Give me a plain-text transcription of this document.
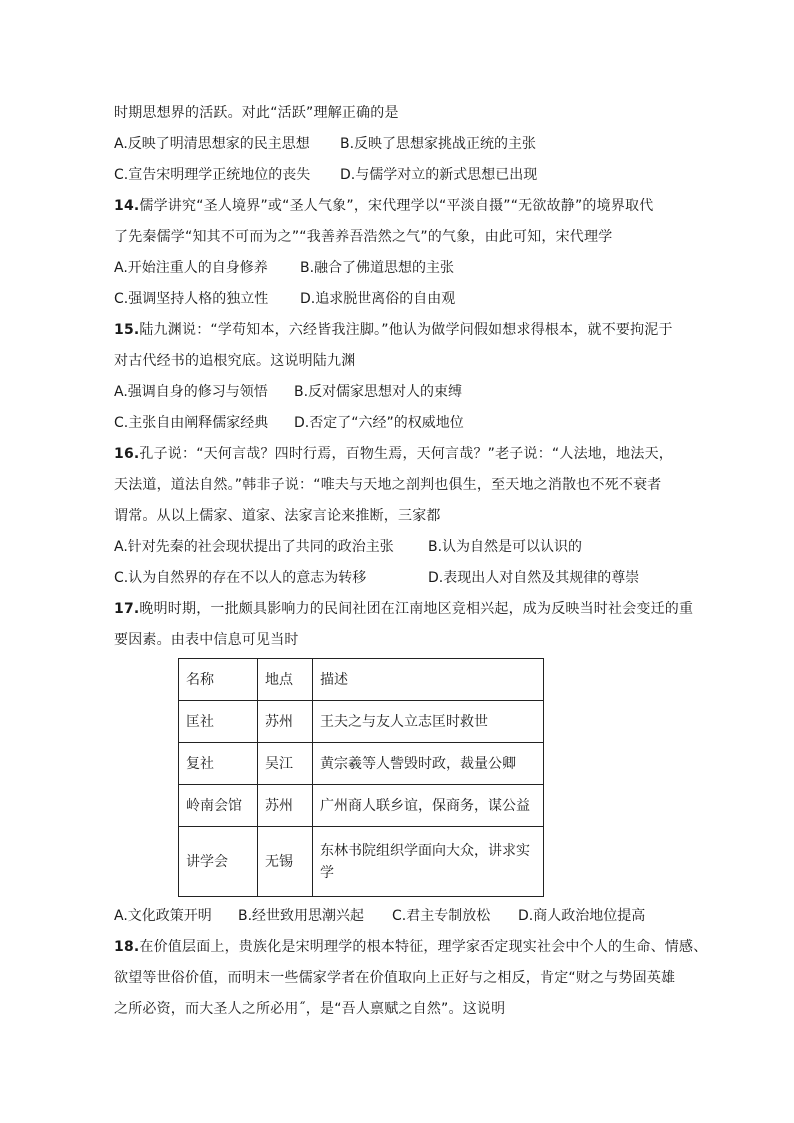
时期思想界的活跃。对此“活跃”理解正确的是
A.反映了明清思想家的民主思想 B.反映了思想家挑战正统的主张
C.宣告宋明理学正统地位的丧失 D.与儒学对立的新式思想已出现
14.儒学讲究“圣人境界”或“圣人气象”，宋代理学以“平淡自摄”“无欲故静”的境界取代
了先秦儒学“知其不可而为之”“我善养吾浩然之气”的气象，由此可知，宋代理学
A.开始注重人的自身修养 B.融合了佛道思想的主张
C.强调坚持人格的独立性 D.追求脱世离俗的自由观
15.陆九渊说：“学苟知本，六经皆我注脚。”他认为做学问假如想求得根本，就不要拘泥于
对古代经书的追根究底。这说明陆九渊
A.强调自身的修习与领悟 B.反对儒家思想对人的束缚
C.主张自由阐释儒家经典 D.否定了“六经”的权威地位
16.孔子说：“天何言哉？四时行焉，百物生焉，天何言哉？”老子说：“人法地，地法天，
天法道，道法自然。”韩非子说：“唯夫与天地之剖判也俱生，至天地之消散也不死不衰者
谓常。从以上儒家、道家、法家言论来推断，三家都
A.针对先秦的社会现状提出了共同的政治主张 B.认为自然是可以认识的
C.认为自然界的存在不以人的意志为转移	D.表现出人对自然及其规律的尊崇
17.晚明时期，一批颇具影响力的民间社团在江南地区竞相兴起，成为反映当时社会变迁的重
要因素。由表中信息可见当时
名称	地点	描述
匡社	苏州	王夫之与友人立志匡时救世
复社	吴江	黄宗羲等人訾毁时政，裁量公卿
岭南会馆	苏州	广州商人联乡谊，保商务，谋公益
讲学会	无锡	东林书院组织学面向大众，讲求实学
A.文化政策开明 B.经世致用思潮兴起 C.君主专制放松 D.商人政治地位提高
18.在价值层面上，贵族化是宋明理学的根本特征，理学家否定现实社会中个人的生命、情感、
欲望等世俗价值，而明末一些儒家学者在价值取向上正好与之相反，肯定“财之与势固英雄
之所必资，而大圣人之所必用˝，是“吾人禀赋之自然”。这说明
